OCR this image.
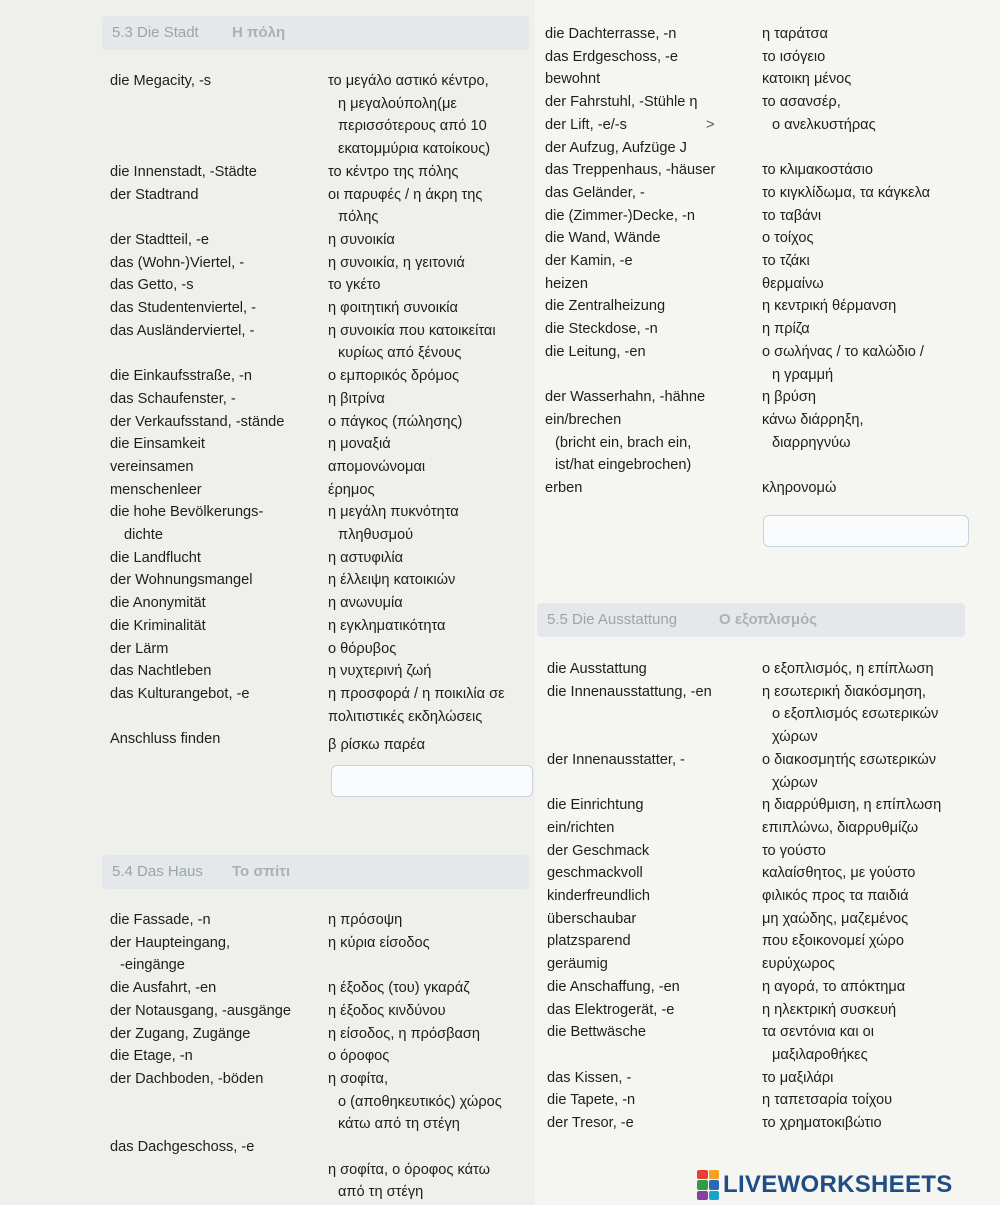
5.3 Die Stadt Η πόλη
5.4 Das Haus Το σπίτι
5.5 Die Ausstattung	Ο εξοπλισμός
die Megacity, -s
die Innenstadt, -Städte
der Stadtrand
der Stadtteil, -e
das (Wohn-)Viertel, -
das Getto, -s
das Studentenviertel, -
das Ausländerviertel, -
die Einkaufsstraße, -n
das Schaufenster, -
der Verkaufsstand, -stände
die Einsamkeit
vereinsamen
menschenleer
die hohe Bevölkerungs-
dichte
die Landflucht
der Wohnungsmangel
die Anonymität
die Kriminalität
der Lärm
das Nachtleben
das Kulturangebot, -e
το μεγάλο αστικό κέντρο,
η μεγαλούπολη(με
περισσότερους από 10
εκατομμύρια κατοίκους)
το κέντρο της πόλης
οι παρυφές / η άκρη της
πόλης
η συνοικία
η συνοικία, η γειτονιά
το γκέτο
η φοιτητική συνοικία
η συνοικία που κατοικείται
κυρίως από ξένους
ο εμπορικός δρόμος
η βιτρίνα
ο πάγκος (πώλησης)
η μοναξιά
απομονώνομαι
έρημος
η μεγάλη πυκνότητα
πληθυσμού
η αστυφιλία
η έλλειψη κατοικιών
η ανωνυμία
η εγκληματικότητα
ο θόρυβος
η νυχτερινή ζωή
η προσφορά / η ποικιλία σε
πολιτιστικές εκδηλώσεις
die Fassade, -n
der Haupteingang,
-eingänge
die Ausfahrt, -en
der Notausgang, -ausgänge
der Zugang, Zugänge
die Etage, -n
der Dachboden, -böden
das Dachgeschoss, -e
η πρόσοψη
η κύρια είσοδος
η έξοδος (του) γκαράζ
η έξοδος κινδύνου
η είσοδος, η πρόσβαση
ο όροφος
η σοφίτα,
ο (αποθηκευτικός) χώρος
κάτω από τη στέγη
η σοφίτα, ο όροφος κάτω
από τη στέγη
die Dachterrasse, -n
das Erdgeschoss, -e
bewohnt
der Fahrstuhl, -Stühle η
der Lift, -e/-s
der Aufzug, Aufzüge J
das Treppenhaus, -häuser
das Geländer, -
die (Zimmer-)Decke, -n
die Wand, Wände
der Kamin, -e
heizen
die Zentralheizung
die Steckdose, -n
die Leitung, -en
der Wasserhahn, -hähne
ein/brechen
(bricht ein, brach ein,
ist/hat eingebrochen)
erben
η ταράτσα
το ισόγειο
κατοικη μένος
το ασανσέρ,
ο ανελκυστήρας
το κλιμακοστάσιο
το κιγκλίδωμα, τα κάγκελα
το ταβάνι
ο τοίχος
το τζάκι
θερμαίνω
η κεντρική θέρμανση
η πρίζα
ο σωλήνας / το καλώδιο /
η γραμμή
η βρύση
κάνω διάρρηξη,
διαρρηγνύω
κληρονομώ
die Ausstattung
die Innenausstattung, -en
der Innenausstatter, -
die Einrichtung
ein/richten
der Geschmack
geschmackvoll
kinderfreundlich
überschaubar
platzsparend
geräumig
die Anschaffung, -en
das Elektrogerät, -e
die Bettwäsche
das Kissen, -
die Tapete, -n
der Tresor, -e
ο εξοπλισμός, η επίπλωση
η εσωτερική διακόσμηση,
ο εξοπλισμός εσωτερικών
χώρων
ο διακοσμητής εσωτερικών
χώρων
η διαρρύθμιση, η επίπλωση
επιπλώνω, διαρρυθμίζω
το γούστο
καλαίσθητος, με γούστο
φιλικός προς τα παιδιά
μη χαώδης, μαζεμένος
που εξοικονομεί χώρο
ευρύχωρος
η αγορά, το απόκτημα
η ηλεκτρική συσκευή
τα σεντόνια και οι
μαξιλαροθήκες
το μαξιλάρι
η ταπετσαρία τοίχου
το χρηματοκιβώτιο
Anschluss finden	β ρίσκω παρέα
>
LIVEWORKSHEETS
